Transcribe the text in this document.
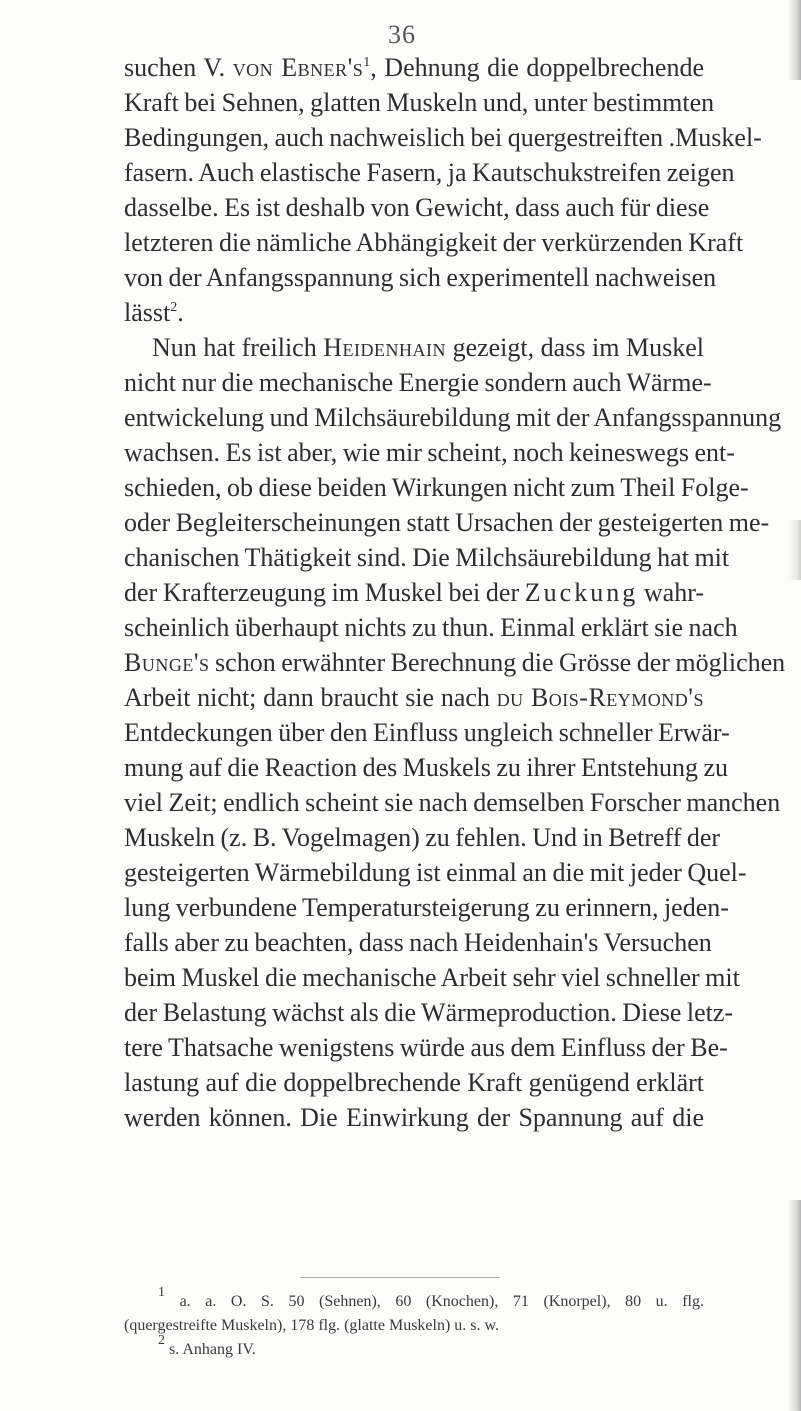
36
suchen V. von $Ebner's^1$, Dehnung die doppelbrechende
Kraft bei Sehnen, glatten Muskeln und, unter bestimmten
Bedingungen, auch nachweislich bei quergestreiften .Muskel-
fasern. Auch elastische Fasern, ja Kautschukstreifen zeigen
dasselbe. Es ist deshalb von Gewicht, dass auch für diese
letzteren die nämliche Abhängigkeit der verkürzenden Kraft
von der Anfangsspannung sich experimentell nachweisen
lässt$^2$.
Nun hat freilich Heidenhain gezeigt, dass im Muskel
nicht nur die mechanische Energie sondern auch Wärme-
entwickelung und Milchsäurebildung mit der Anfangsspannung
wachsen. Es ist aber, wie mir scheint, noch keineswegs ent-
schieden, ob diese beiden Wirkungen nicht zum Theil Folge-
oder Begleiterscheinungen statt Ursachen der gesteigerten me-
chanischen Thätigkeit sind. Die Milchsäurebildung hat mit
der Krafterzeugung im Muskel bei der Zuckung wahr-
scheinlich überhaupt nichts zu thun. Einmal erklärt sie nach
Bunge's schon erwähnter Berechnung die Grösse der möglichen
Arbeit nicht; dann braucht sie nach du Bois-Reymond's
Entdeckungen über den Einfluss ungleich schneller Erwär-
mung auf die Reaction des Muskels zu ihrer Entstehung zu
viel Zeit; endlich scheint sie nach demselben Forscher manchen
Muskeln (z. B. Vogelmagen) zu fehlen. Und in Betreff der
gesteigerten Wärmebildung ist einmal an die mit jeder Quel-
lung verbundene Temperatursteigerung zu erinnern, jeden-
falls aber zu beachten, dass nach Heidenhain's Versuchen
beim Muskel die mechanische Arbeit sehr viel schneller mit
der Belastung wächst als die Wärmeproduction. Diese letz-
tere Thatsache wenigstens würde aus dem Einfluss der Be-
lastung auf die doppelbrechende Kraft genügend erklärt
werden können. Die Einwirkung der Spannung auf die
$^1$ a. a. O. S. 50 (Sehnen), 60 (Knochen), 71 (Knorpel), 80 u. flg.
(quergestreifte Muskeln), 178 flg. (glatte Muskeln) u. s. w.
$^2$ s. Anhang IV.
